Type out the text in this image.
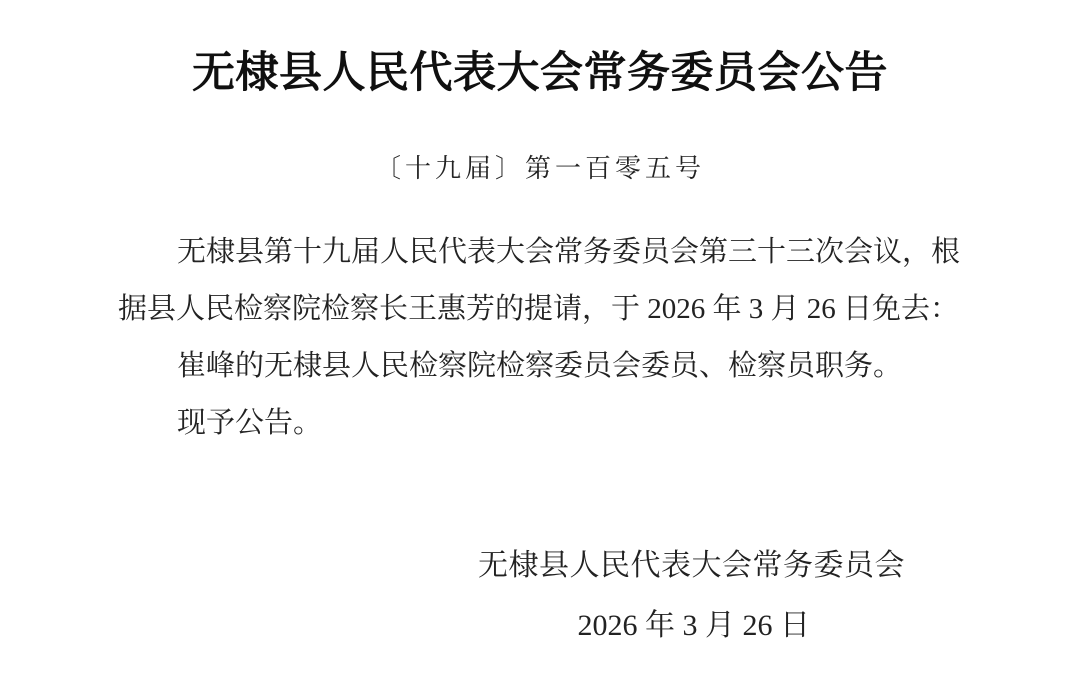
无棣县人民代表大会常务委员会公告
〔十九届〕第一百零五号

无棣县第十九届人民代表大会常务委员会第三十三次会议，根

据县人民检察院检察长王惠芳的提请，于 2026 年 3 月 26 日免去：

崔峰的无棣县人民检察院检察委员会委员、检察员职务。

现予公告。

无棣县人民代表大会常务委员会
2026 年 3 月 26 日
